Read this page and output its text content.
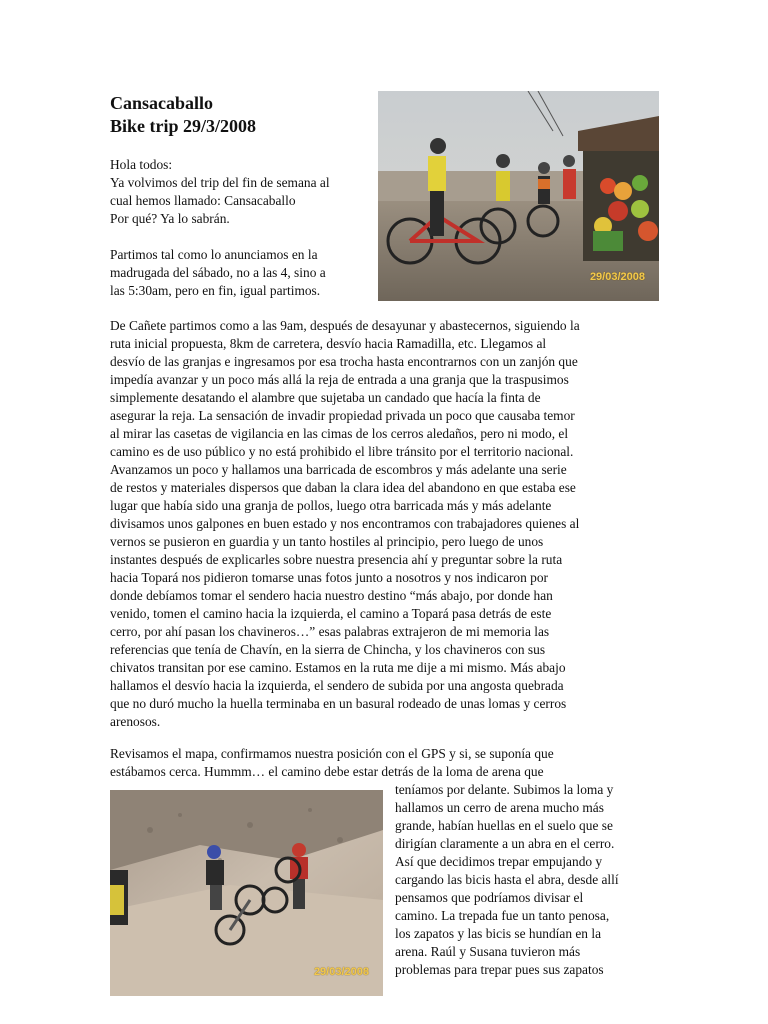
Cansacaballo
Bike trip 29/3/2008

Hola todos:
Ya volvimos del trip del fin de semana al
cual hemos llamado: Cansacaballo
Por qué? Ya lo sabrán.

Partimos tal como lo anunciamos en la
madrugada del sábado, no a las 4, sino a
las 5:30am, pero en fin, igual partimos.

29/03/2008
De Cañete partimos como a las 9am, después de desayunar y abastecernos, siguiendo la
ruta inicial propuesta, 8km de carretera, desvío hacia Ramadilla, etc. Llegamos al
desvío de las granjas e ingresamos por esa trocha hasta encontrarnos con un zanjón que
impedía avanzar y un poco más allá la reja de entrada a una granja que la traspusimos
simplemente desatando el alambre que sujetaba un candado que hacía la finta de
asegurar la reja. La sensación de invadir propiedad privada un poco que causaba temor
al mirar las casetas de vigilancia en las cimas de los cerros aledaños, pero ni modo, el
camino es de uso público y no está prohibido el libre tránsito por el territorio nacional.
Avanzamos un poco y hallamos una barricada de escombros y más adelante una serie
de restos y materiales dispersos que daban la clara idea del abandono en que estaba ese
lugar que había sido una granja de pollos, luego otra barricada más y más adelante
divisamos unos galpones en buen estado y nos encontramos con trabajadores quienes al
vernos se pusieron en guardia y un tanto hostiles al principio, pero luego de unos
instantes después de explicarles sobre nuestra presencia ahí y preguntar sobre la ruta
hacia Topará nos pidieron tomarse unas fotos junto a nosotros y nos indicaron por
donde debíamos tomar el sendero hacia nuestro destino “más abajo, por donde han
venido, tomen el camino hacia la izquierda, el camino a Topará pasa detrás de este
cerro, por ahí pasan los chavineros…” esas palabras extrajeron de mi memoria las
referencias que tenía de Chavín, en la sierra de Chincha, y los chavineros con sus
chivatos transitan por ese camino. Estamos en la ruta me dije a mi mismo. Más abajo
hallamos el desvío hacia la izquierda, el sendero de subida por una angosta quebrada
que no duró mucho la huella terminaba en un basural rodeado de unas lomas y cerros
arenosos.
Revisamos el mapa, confirmamos nuestra posición con el GPS y si, se suponía que
estábamos cerca. Hummm… el camino debe estar detrás de la loma de arena que
29/03/2008
teníamos por delante. Subimos la loma y
hallamos un cerro de arena mucho más
grande, habían huellas en el suelo que se
dirigían claramente a un abra en el cerro.
Así que decidimos trepar empujando y
cargando las bicis hasta el abra, desde allí
pensamos que podríamos divisar el
camino. La trepada fue un tanto penosa,
los zapatos y las bicis se hundían en la
arena. Raúl y Susana tuvieron más
problemas para trepar pues sus zapatos
